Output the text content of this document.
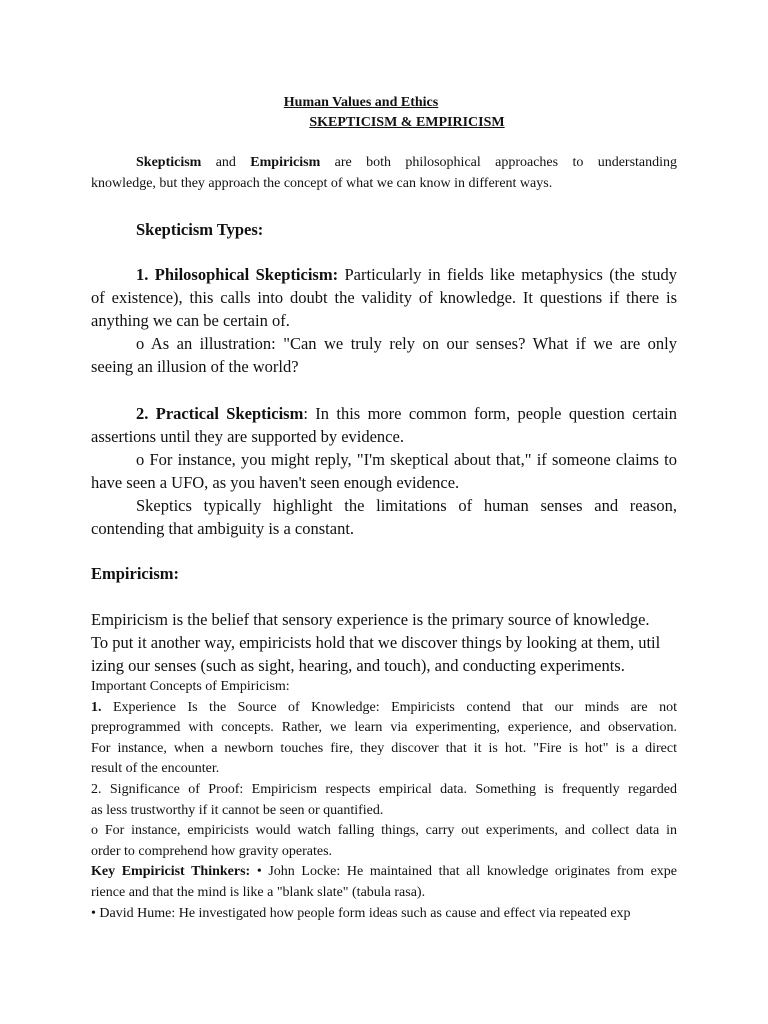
Human Values and Ethics
SKEPTICISM & EMPIRICISM

Skepticism and Empiricism are both philosophical approaches to understanding

knowledge, but they approach the concept of what we can know in different ways.

Skepticism Types:

1. Philosophical Skepticism: Particularly in fields like metaphysics (the study

of existence), this calls into doubt the validity of knowledge. It questions if there is

anything we can be certain of.

o As an illustration: "Can we truly rely on our senses? What if we are only

seeing an illusion of the world?

2. Practical Skepticism: In this more common form, people question certain

assertions until they are supported by evidence.

o For instance, you might reply, "I'm skeptical about that," if someone claims to

have seen a UFO, as you haven't seen enough evidence.

Skeptics typically highlight the limitations of human senses and reason,

contending that ambiguity is a constant.

Empiricism:

Empiricism is the belief that sensory experience is the primary source of knowledge.

To put it another way, empiricists hold that we discover things by looking at them, util

izing our senses (such as sight, hearing, and touch), and conducting experiments.

Important Concepts of Empiricism:

1. Experience Is the Source of Knowledge: Empiricists contend that our minds are not

preprogrammed with concepts. Rather, we learn via experimenting, experience, and observation.

For instance, when a newborn touches fire, they discover that it is hot. "Fire is hot" is a direct

result of the encounter.

2. Significance of Proof: Empiricism respects empirical data. Something is frequently regarded

as less trustworthy if it cannot be seen or quantified.

o For instance, empiricists would watch falling things, carry out experiments, and collect data in

order to comprehend how gravity operates.

Key Empiricist Thinkers: • John Locke: He maintained that all knowledge originates from expe

rience and that the mind is like a "blank slate" (tabula rasa).

• David Hume: He investigated how people form ideas such as cause and effect via repeated exp
